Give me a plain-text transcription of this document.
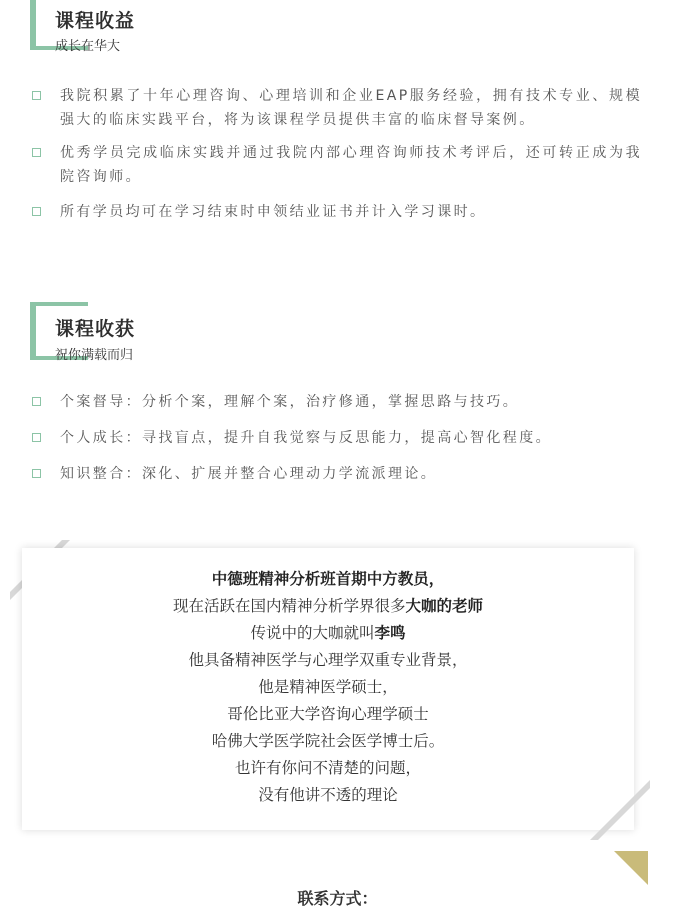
课程收益
成长在华大
我院积累了十年心理咨询、心理培训和企业EAP服务经验，拥有技术专业、规模强大的临床实践平台，将为该课程学员提供丰富的临床督导案例。
优秀学员完成临床实践并通过我院内部心理咨询师技术考评后，还可转正成为我院咨询师。
所有学员均可在学习结束时申领结业证书并计入学习课时。
课程收获
祝你满载而归
个案督导：分析个案，理解个案，治疗修通，掌握思路与技巧。
个人成长：寻找盲点，提升自我觉察与反思能力，提高心智化程度。
知识整合：深化、扩展并整合心理动力学流派理论。
中德班精神分析班首期中方教员，
现在活跃在国内精神分析学界很多大咖的老师
传说中的大咖就叫李鸣
他具备精神医学与心理学双重专业背景，
他是精神医学硕士，
哥伦比亚大学咨询心理学硕士
哈佛大学医学院社会医学博士后。
也许有你问不清楚的问题，
没有他讲不透的理论
联系方式：
